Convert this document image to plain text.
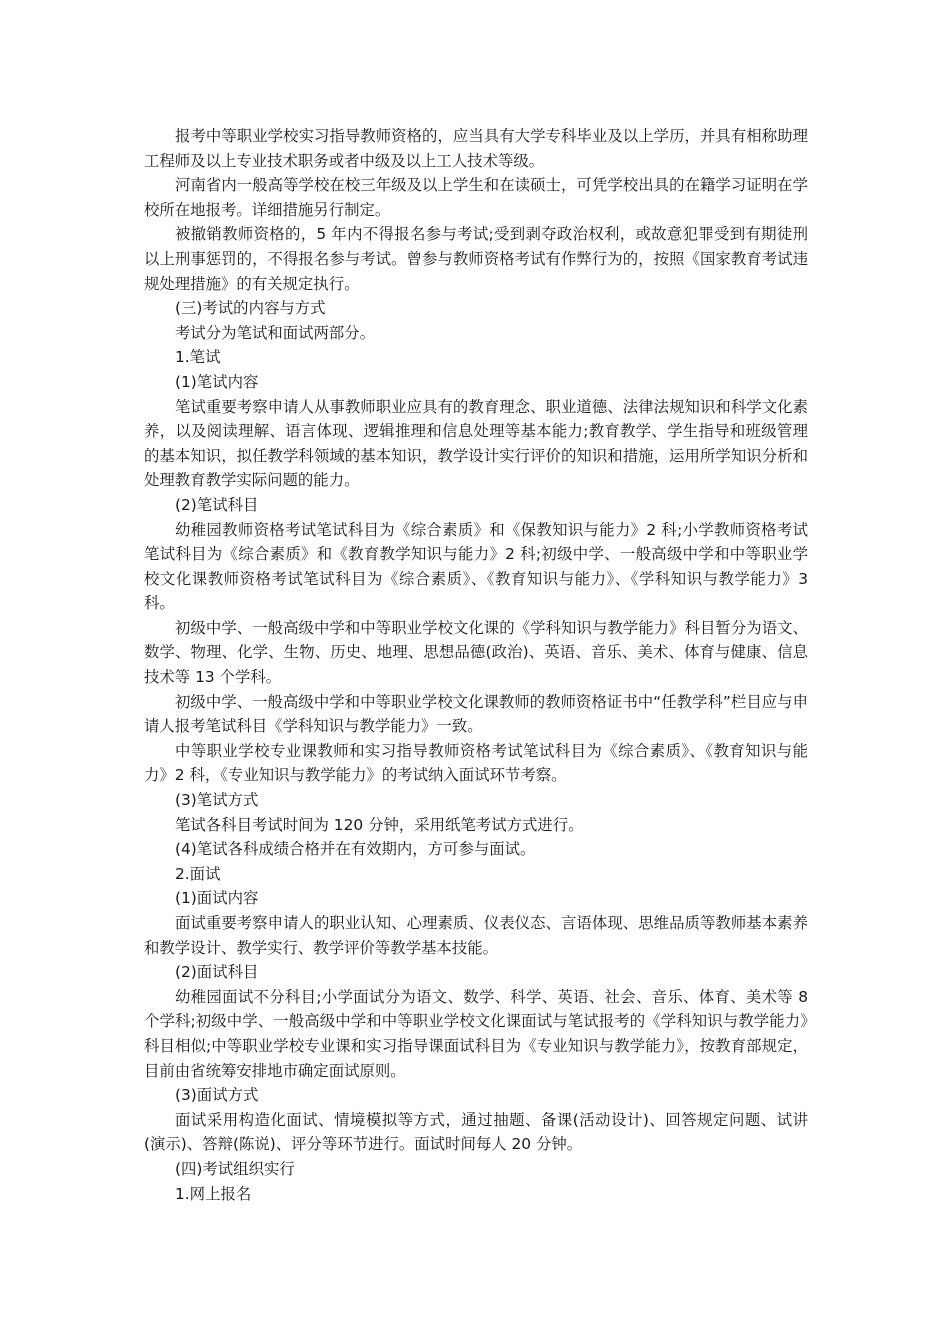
报考中等职业学校实习指导教师资格的，应当具有大学专科毕业及以上学历，并具有相称助理工程师及以上专业技术职务或者中级及以上工人技术等级。

河南省内一般高等学校在校三年级及以上学生和在读硕士，可凭学校出具的在籍学习证明在学校所在地报考。详细措施另行制定。

被撤销教师资格的，5 年内不得报名参与考试;受到剥夺政治权利，或故意犯罪受到有期徒刑以上刑事惩罚的，不得报名参与考试。曾参与教师资格考试有作弊行为的，按照《国家教育考试违规处理措施》的有关规定执行。

(三)考试的内容与方式

考试分为笔试和面试两部分。

1.笔试

(1)笔试内容

笔试重要考察申请人从事教师职业应具有的教育理念、职业道德、法律法规知识和科学文化素养，以及阅读理解、语言体现、逻辑推理和信息处理等基本能力;教育教学、学生指导和班级管理的基本知识，拟任教学科领域的基本知识，教学设计实行评价的知识和措施，运用所学知识分析和处理教育教学实际问题的能力。

(2)笔试科目

幼稚园教师资格考试笔试科目为《综合素质》和《保教知识与能力》2 科;小学教师资格考试笔试科目为《综合素质》和《教育教学知识与能力》2 科;初级中学、一般高级中学和中等职业学校文化课教师资格考试笔试科目为《综合素质》、《教育知识与能力》、《学科知识与教学能力》3 科。

初级中学、一般高级中学和中等职业学校文化课的《学科知识与教学能力》科目暂分为语文、数学、物理、化学、生物、历史、地理、思想品德(政治)、英语、音乐、美术、体育与健康、信息技术等 13 个学科。

初级中学、一般高级中学和中等职业学校文化课教师的教师资格证书中“任教学科”栏目应与申请人报考笔试科目《学科知识与教学能力》一致。

中等职业学校专业课教师和实习指导教师资格考试笔试科目为《综合素质》、《教育知识与能力》2 科，《专业知识与教学能力》的考试纳入面试环节考察。

(3)笔试方式

笔试各科目考试时间为 120 分钟，采用纸笔考试方式进行。

(4)笔试各科成绩合格并在有效期内，方可参与面试。

2.面试

(1)面试内容

面试重要考察申请人的职业认知、心理素质、仪表仪态、言语体现、思维品质等教师基本素养和教学设计、教学实行、教学评价等教学基本技能。

(2)面试科目

幼稚园面试不分科目;小学面试分为语文、数学、科学、英语、社会、音乐、体育、美术等 8 个学科;初级中学、一般高级中学和中等职业学校文化课面试与笔试报考的《学科知识与教学能力》科目相似;中等职业学校专业课和实习指导课面试科目为《专业知识与教学能力》，按教育部规定，目前由省统筹安排地市确定面试原则。

(3)面试方式

面试采用构造化面试、情境模拟等方式，通过抽题、备课(活动设计)、回答规定问题、试讲(演示)、答辩(陈说)、评分等环节进行。面试时间每人 20 分钟。

(四)考试组织实行

1.网上报名
